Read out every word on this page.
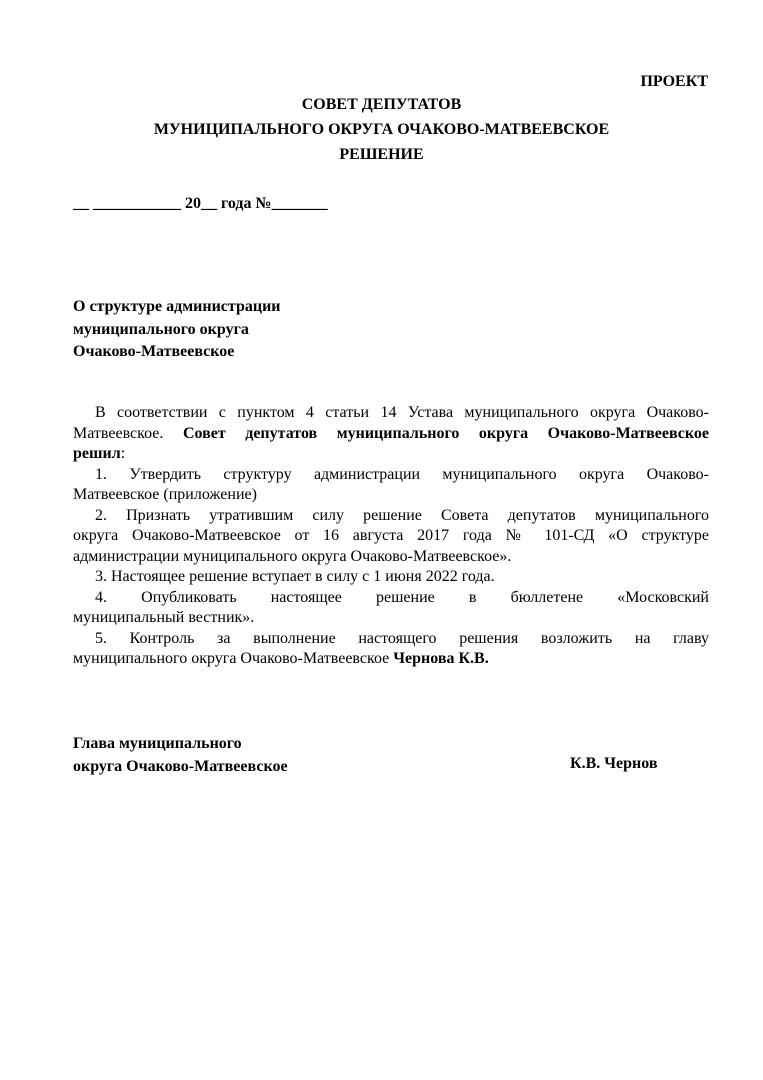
ПРОЕКТ
СОВЕТ ДЕПУТАТОВ
МУНИЦИПАЛЬНОГО ОКРУГА ОЧАКОВО-МАТВЕЕВСКОЕ
РЕШЕНИЕ
__ ___________ 20__ года №_______
О структуре администрации
муниципального округа
Очаково-Матвеевское
В соответствии с пунктом 4 статьи 14 Устава муниципального округа Очаково-
Матвеевское. Совет депутатов муниципального округа Очаково-Матвеевское
решил:
1. Утвердить структуру администрации муниципального округа Очаково-
Матвеевское (приложение)
2. Признать утратившим силу решение Совета депутатов муниципального
округа Очаково-Матвеевское от 16 августа 2017 года № 101-СД «О структуре
администрации муниципального округа Очаково-Матвеевское».
3. Настоящее решение вступает в силу с 1 июня 2022 года.
4. Опубликовать настоящее решение в бюллетене «Московский
муниципальный вестник».
5. Контроль за выполнение настоящего решения возложить на главу
муниципального округа Очаково-Матвеевское Чернова К.В.
Глава муниципального
округа Очаково-Матвеевское	К.В. Чернов
